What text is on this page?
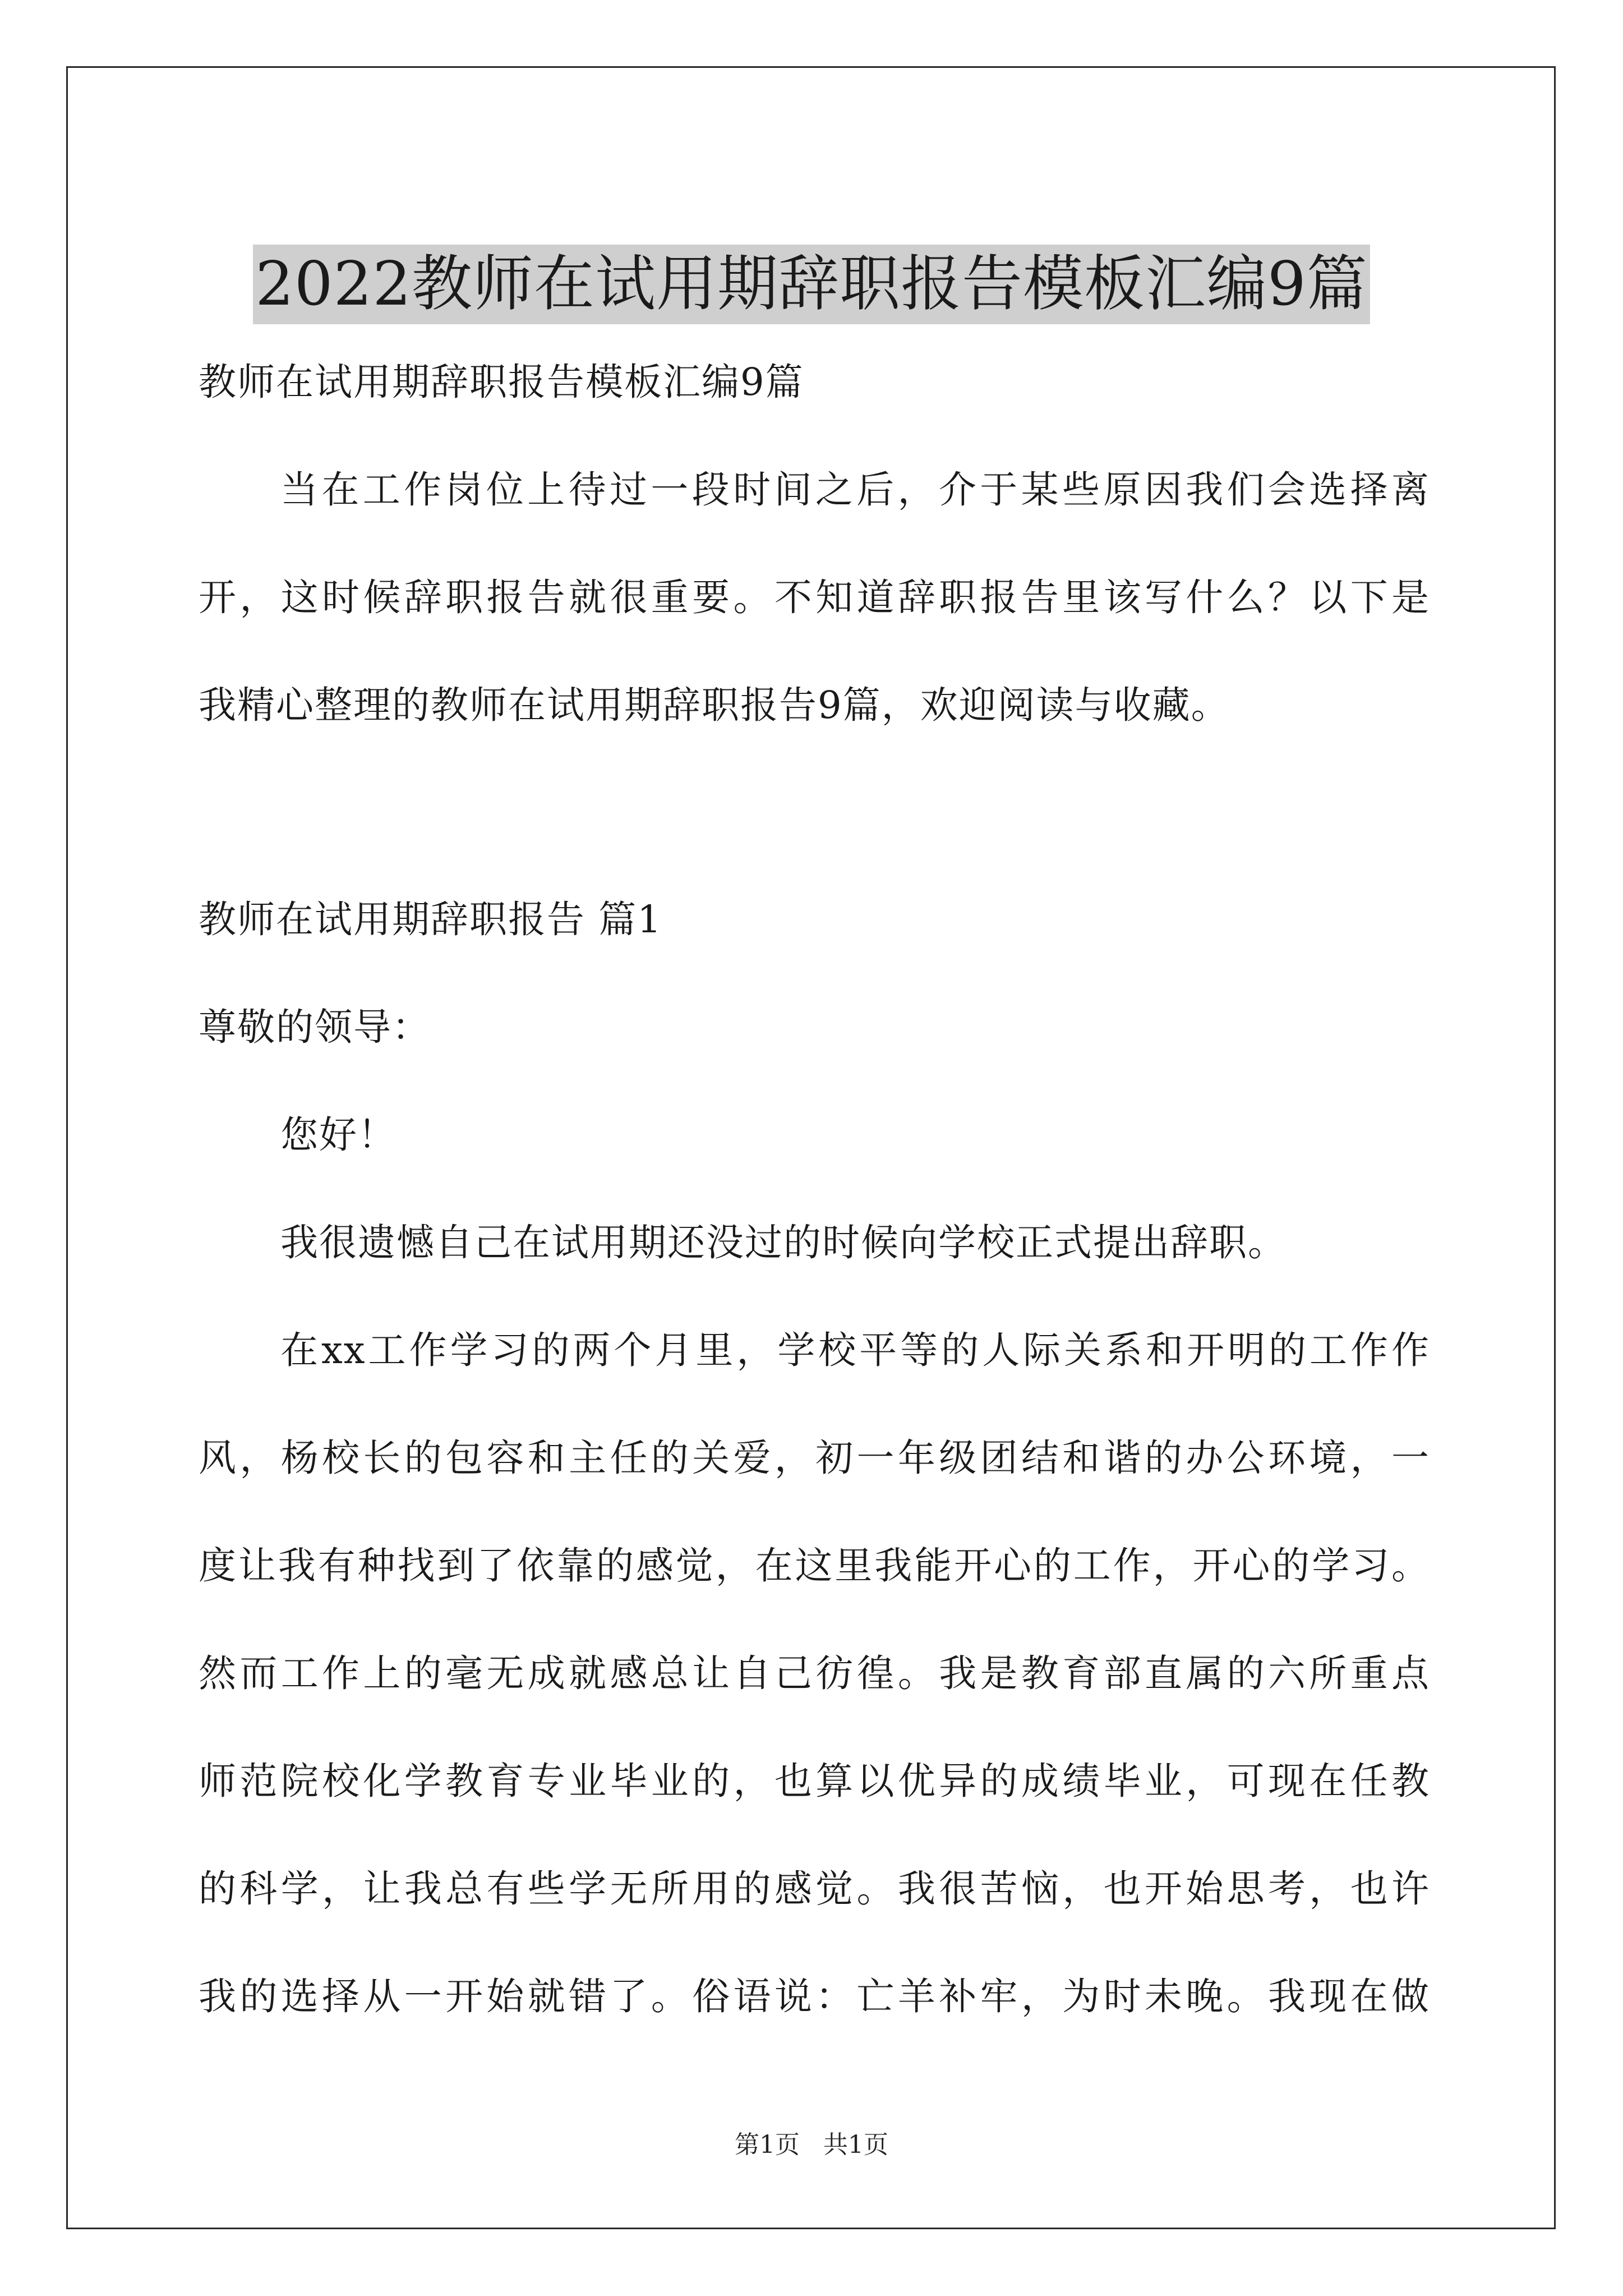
2022教师在试用期辞职报告模板汇编9篇
教师在试用期辞职报告模板汇编9篇
当在工作岗位上待过一段时间之后，介于某些原因我们会选择离
开，这时候辞职报告就很重要。不知道辞职报告里该写什么？以下是
我精心整理的教师在试用期辞职报告9篇，欢迎阅读与收藏。
教师在试用期辞职报告 篇1
尊敬的领导：
您好！
我很遗憾自己在试用期还没过的时候向学校正式提出辞职。
在xx工作学习的两个月里，学校平等的人际关系和开明的工作作
风，杨校长的包容和主任的关爱，初一年级团结和谐的办公环境，一
度让我有种找到了依靠的感觉，在这里我能开心的工作，开心的学习。
然而工作上的毫无成就感总让自己彷徨。我是教育部直属的六所重点
师范院校化学教育专业毕业的，也算以优异的成绩毕业，可现在任教
的科学，让我总有些学无所用的感觉。我很苦恼，也开始思考，也许
我的选择从一开始就错了。俗语说：亡羊补牢，为时未晚。我现在做
第1页 共1页
